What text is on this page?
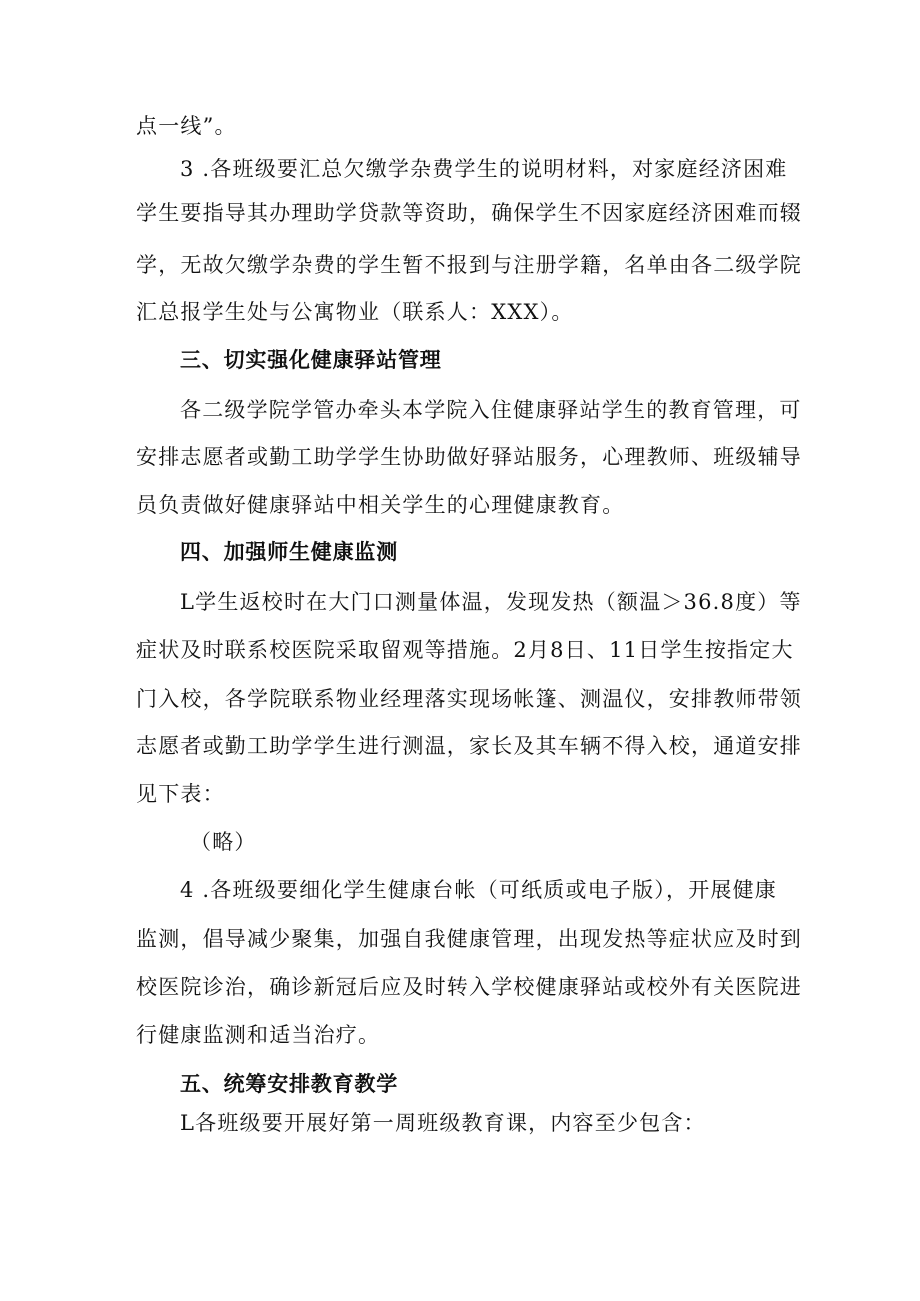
点一线”。
3 .各班级要汇总欠缴学杂费学生的说明材料，对家庭经济困难
学生要指导其办理助学贷款等资助，确保学生不因家庭经济困难而辍
学，无故欠缴学杂费的学生暂不报到与注册学籍，名单由各二级学院
汇总报学生处与公寓物业（联系人：XXX）。
三、切实强化健康驿站管理
各二级学院学管办牵头本学院入住健康驿站学生的教育管理，可
安排志愿者或勤工助学学生协助做好驿站服务，心理教师、班级辅导
员负责做好健康驿站中相关学生的心理健康教育。
四、加强师生健康监测
L学生返校时在大门口测量体温，发现发热（额温＞36.8度）等
症状及时联系校医院采取留观等措施。2月8日、11日学生按指定大
门入校，各学院联系物业经理落实现场帐篷、测温仪，安排教师带领
志愿者或勤工助学学生进行测温，家长及其车辆不得入校，通道安排
见下表：
（略）
4 .各班级要细化学生健康台帐（可纸质或电子版），开展健康
监测，倡导减少聚集，加强自我健康管理，出现发热等症状应及时到
校医院诊治，确诊新冠后应及时转入学校健康驿站或校外有关医院进
行健康监测和适当治疗。
五、统筹安排教育教学
L各班级要开展好第一周班级教育课，内容至少包含：
